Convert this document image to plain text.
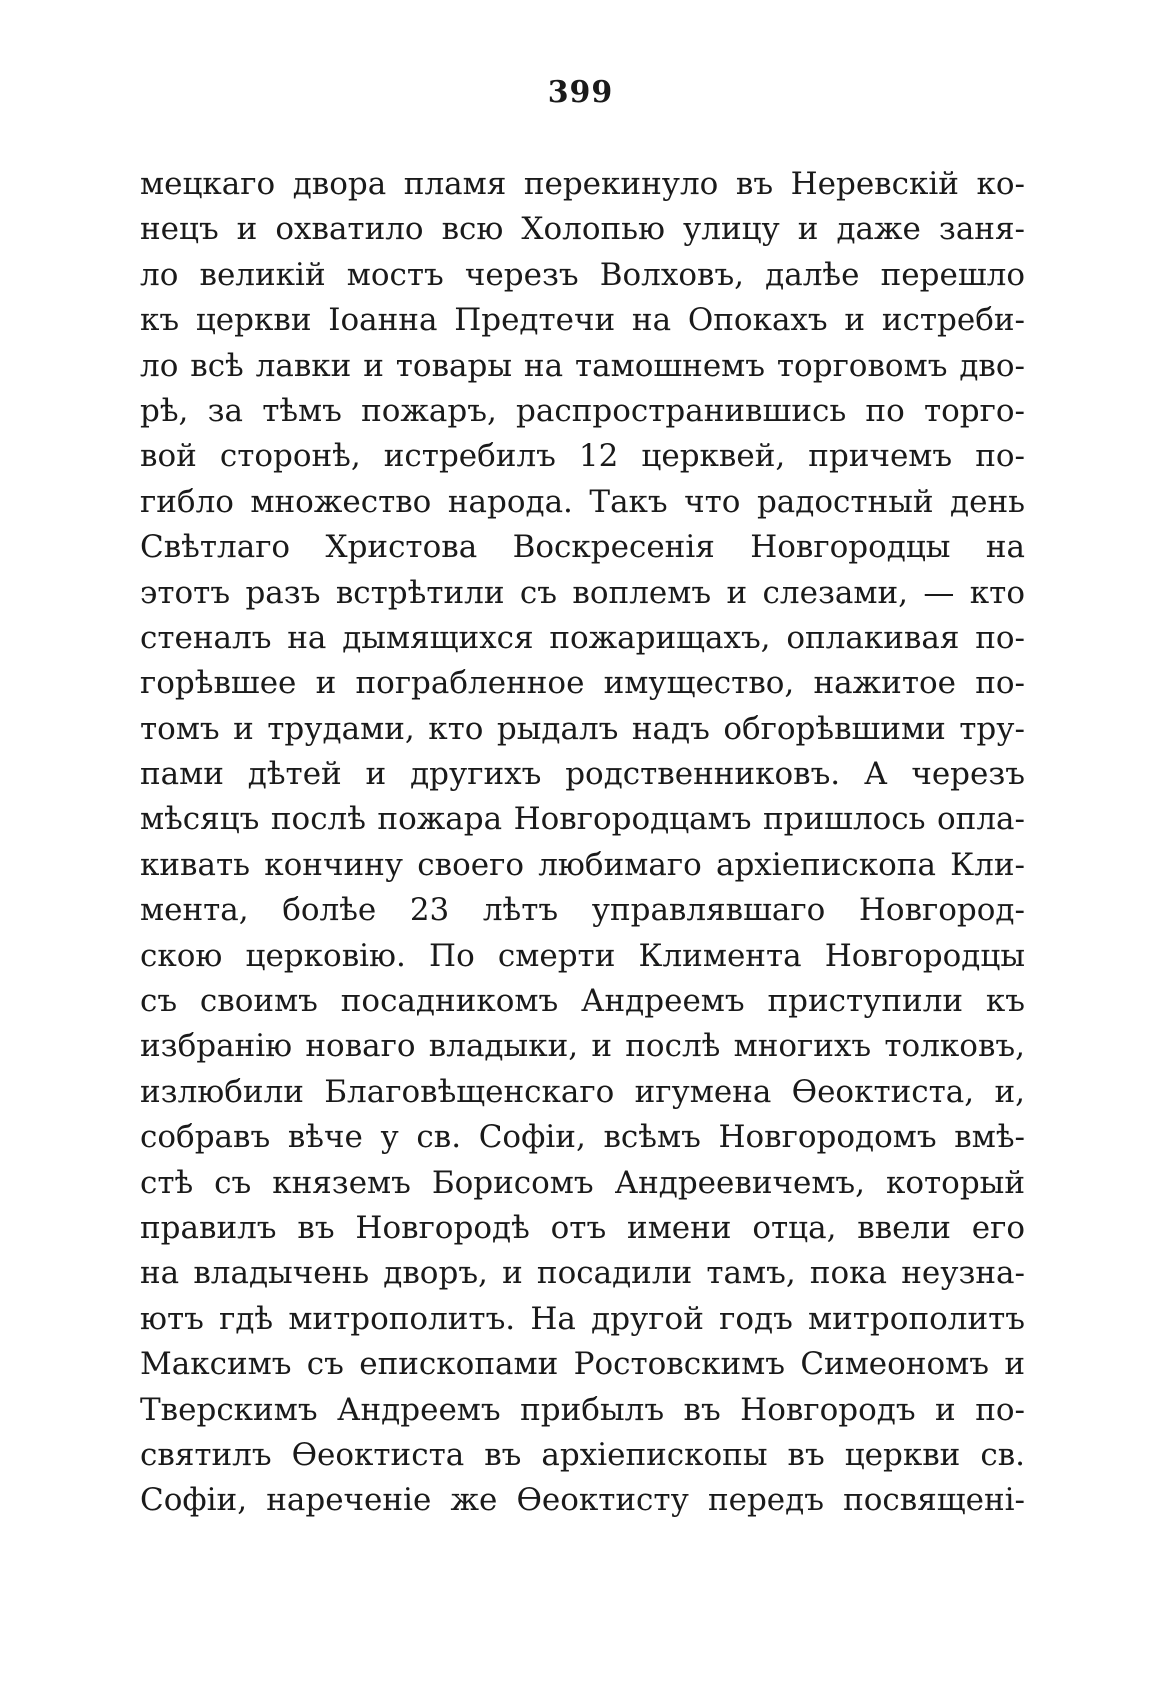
399
мецкаго двора пламя перекинуло въ Неревскій ко-
нецъ и охватило всю Холопью улицу и даже заня-
ло великій мостъ черезъ Волховъ, далѣе перешло
къ церкви Іоанна Предтечи на Опокахъ и истреби-
ло всѣ лавки и товары на тамошнемъ торговомъ дво-
рѣ, за тѣмъ пожаръ, распространившись по торго-
вой сторонѣ, истребилъ 12 церквей, причемъ по-
гибло множество народа. Такъ что радостный день
Свѣтлаго Христова Воскресенія Новгородцы на
этотъ разъ встрѣтили съ воплемъ и слезами, — кто
стеналъ на дымящихся пожарищахъ, оплакивая по-
горѣвшее и пограбленное имущество, нажитое по-
томъ и трудами, кто рыдалъ надъ обгорѣвшими тру-
пами дѣтей и другихъ родственниковъ. А черезъ
мѣсяцъ послѣ пожара Новгородцамъ пришлось опла-
кивать кончину своего любимаго архіепископа Кли-
мента, болѣе 23 лѣтъ управлявшаго Новгород-
скою церковію. По смерти Климента Новгородцы
съ своимъ посадникомъ Андреемъ приступили къ
избранію новаго владыки, и послѣ многихъ толковъ,
излюбили Благовѣщенскаго игумена Ѳеоктиста, и,
собравъ вѣче у св. Софіи, всѣмъ Новгородомъ вмѣ-
стѣ съ княземъ Борисомъ Андреевичемъ, который
правилъ въ Новгородѣ отъ имени отца, ввели его
на владычень дворъ, и посадили тамъ, пока неузна-
ютъ гдѣ митрополитъ. На другой годъ митрополитъ
Максимъ съ епископами Ростовскимъ Симеономъ и
Тверскимъ Андреемъ прибылъ въ Новгородъ и по-
святилъ Ѳеоктиста въ архіепископы въ церкви св.
Софіи, нареченіе же Ѳеоктисту передъ посвящені-
